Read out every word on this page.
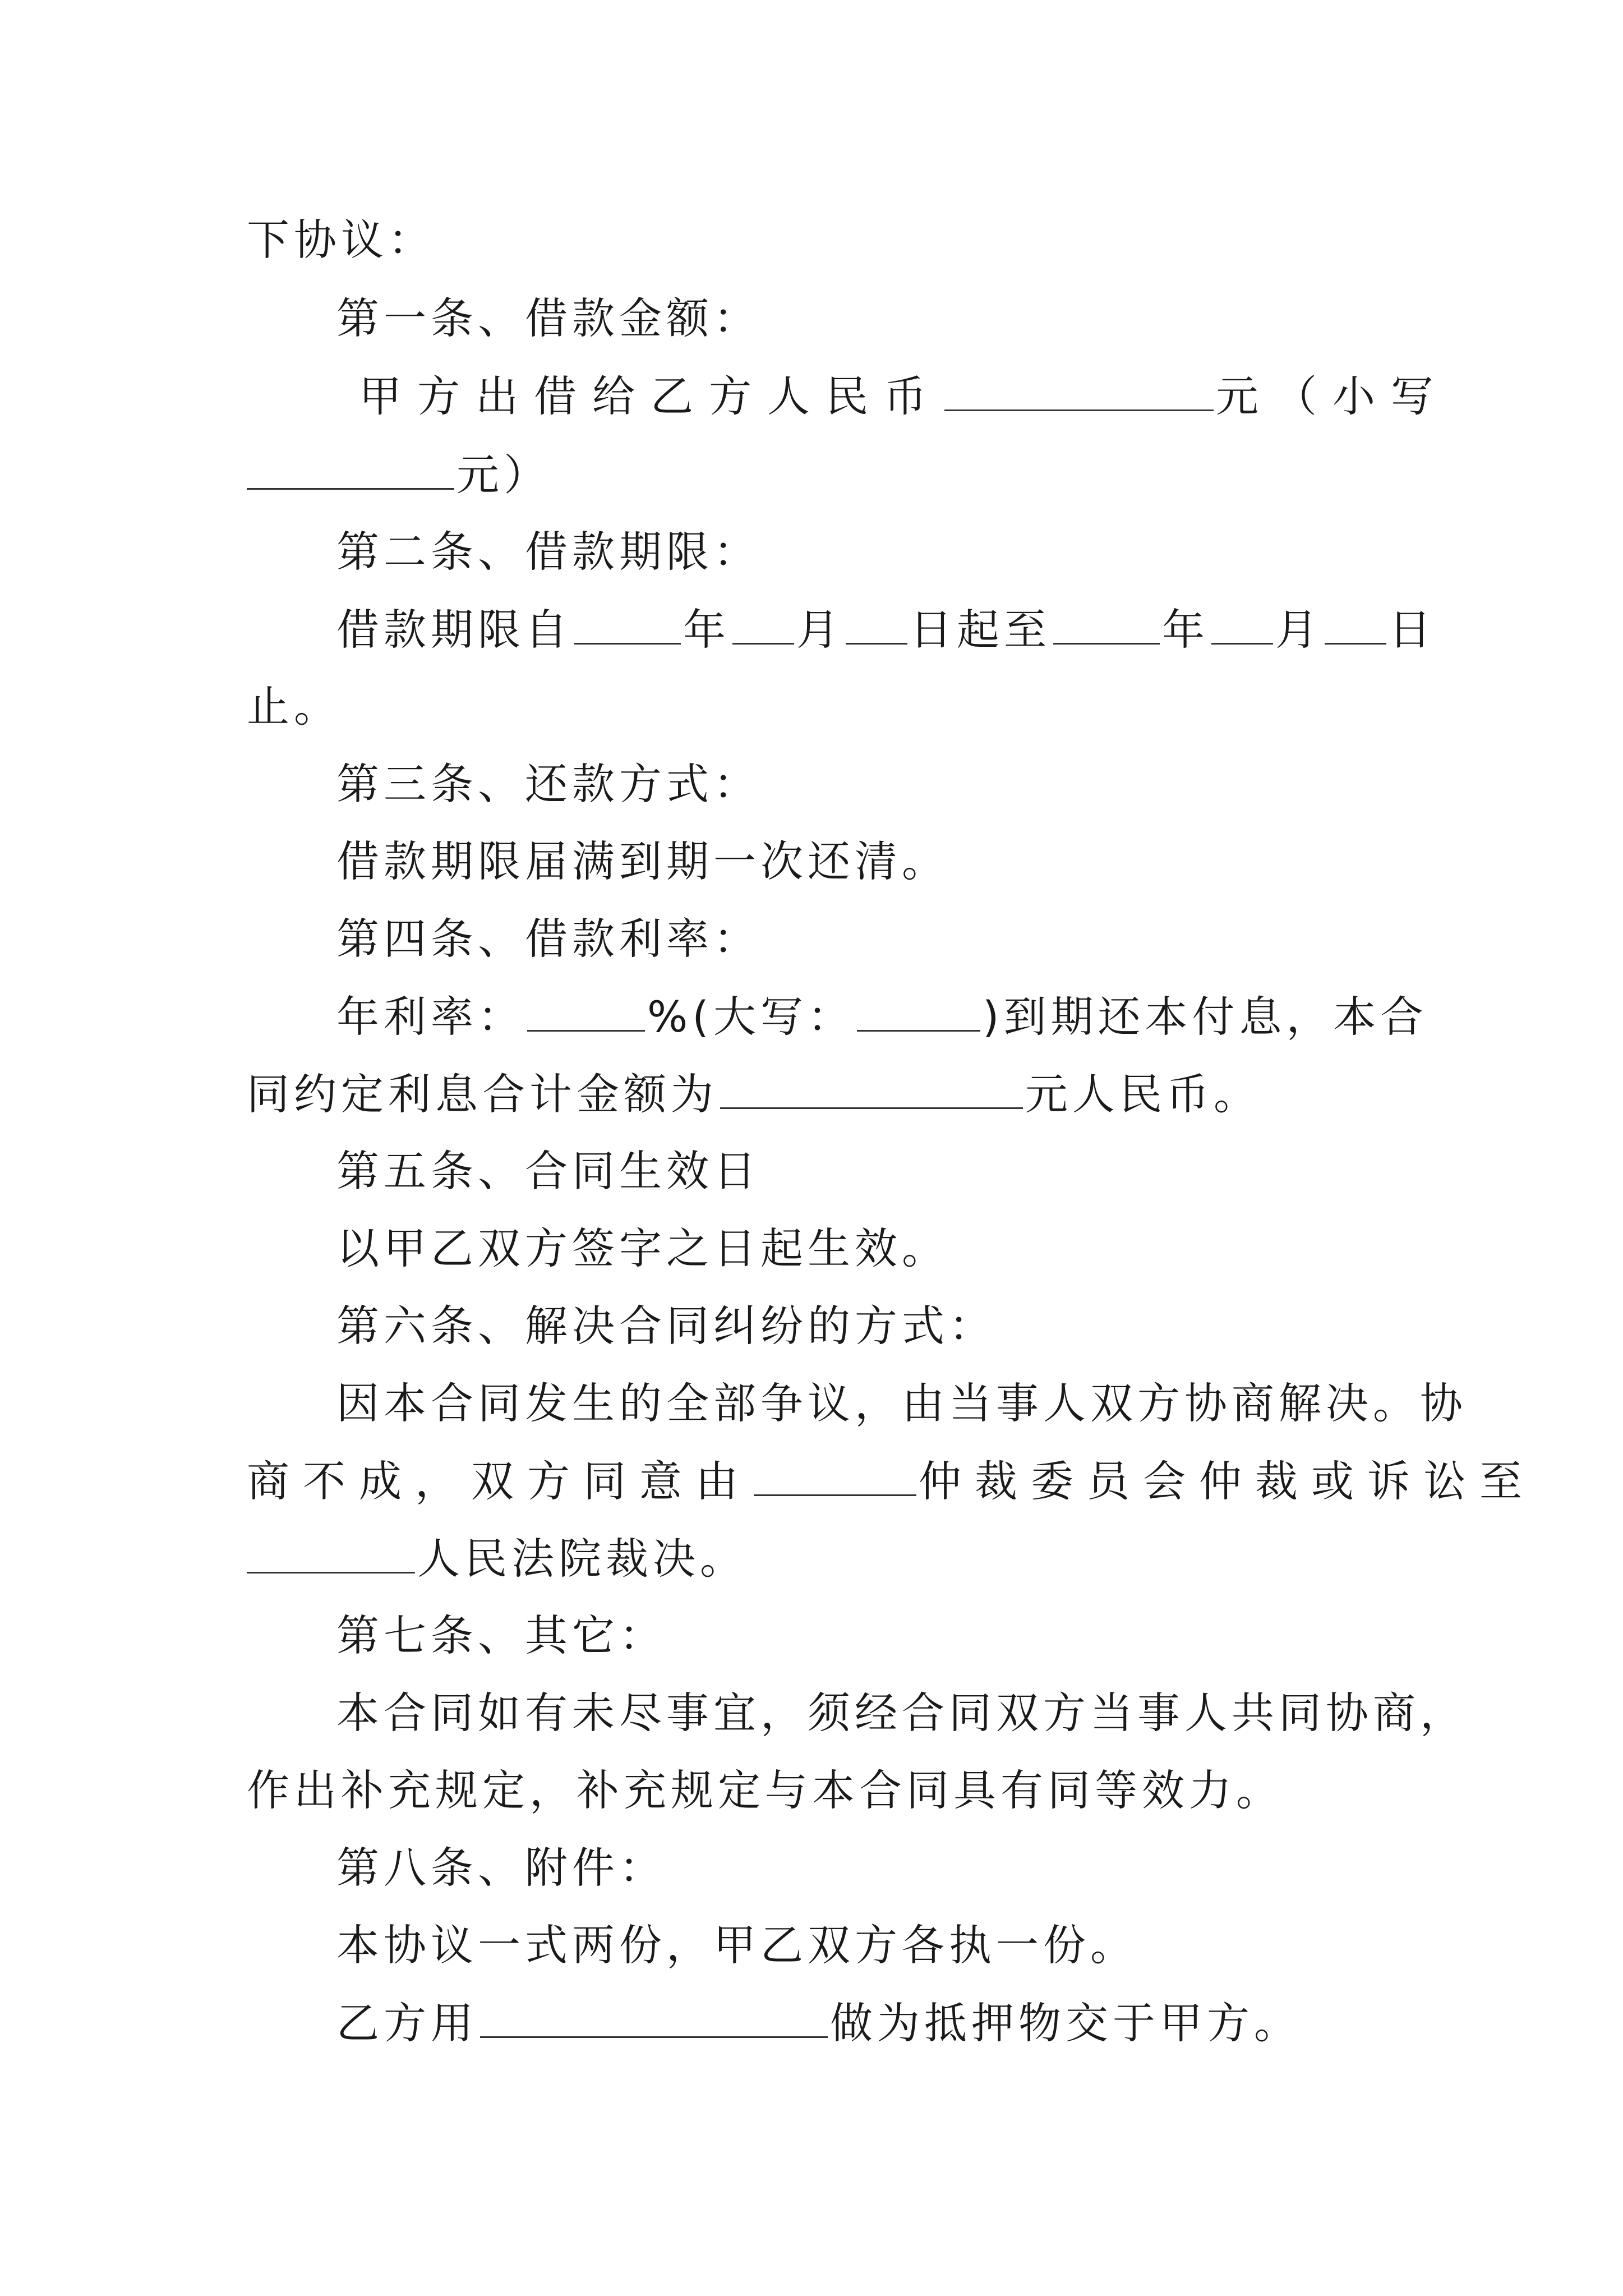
下协议：
第一条、借款金额：
甲方出借给乙方人民币	元（小写
元）
第二条、借款期限：
借款期限自	年 月 日起至	年 月 日
止。
第三条、还款方式：
借款期限届满到期一次还清。
第四条、借款利率：
年利率：	%(大写：	)到期还本付息，本合
同约定利息合计金额为	元人民币。
第五条、合同生效日
以甲乙双方签字之日起生效。
第六条、解决合同纠纷的方式：
因本合同发生的全部争议，由当事人双方协商解决。协
商不成，双方同意由	仲裁委员会仲裁或诉讼至
人民法院裁决。
第七条、其它：
本合同如有未尽事宜，须经合同双方当事人共同协商，
作出补充规定，补充规定与本合同具有同等效力。
第八条、附件：
本协议一式两份，甲乙双方各执一份。
乙方用	做为抵押物交于甲方。
